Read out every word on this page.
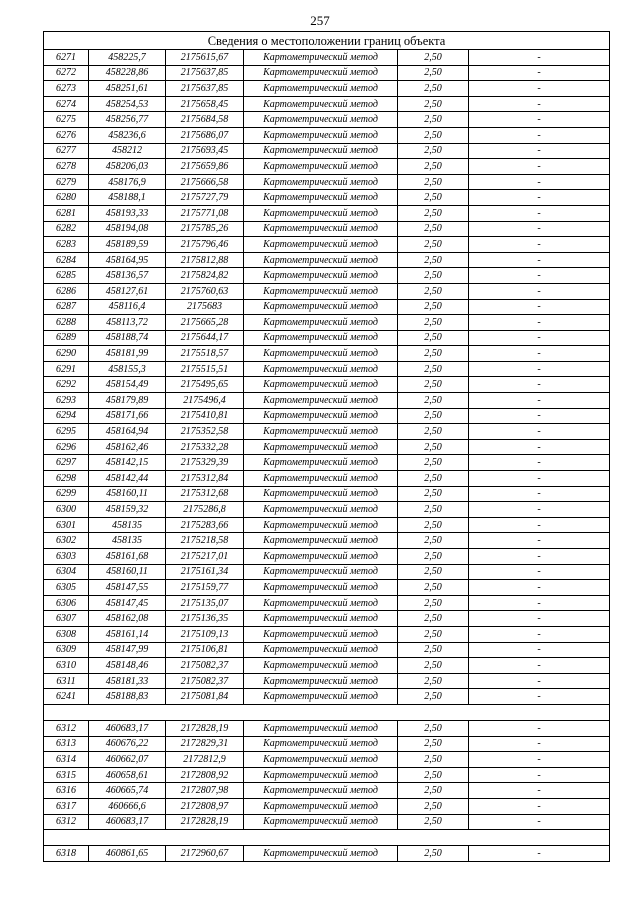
257
Сведения о местоположении границ объекта					
6271	458225,7	2175615,67	Картометрический метод	2,50	-
6272	458228,86	2175637,85	Картометрический метод	2,50	-
6273	458251,61	2175637,85	Картометрический метод	2,50	-
6274	458254,53	2175658,45	Картометрический метод	2,50	-
6275	458256,77	2175684,58	Картометрический метод	2,50	-
6276	458236,6	2175686,07	Картометрический метод	2,50	-
6277	458212	2175693,45	Картометрический метод	2,50	-
6278	458206,03	2175659,86	Картометрический метод	2,50	-
6279	458176,9	2175666,58	Картометрический метод	2,50	-
6280	458188,1	2175727,79	Картометрический метод	2,50	-
6281	458193,33	2175771,08	Картометрический метод	2,50	-
6282	458194,08	2175785,26	Картометрический метод	2,50	-
6283	458189,59	2175796,46	Картометрический метод	2,50	-
6284	458164,95	2175812,88	Картометрический метод	2,50	-
6285	458136,57	2175824,82	Картометрический метод	2,50	-
6286	458127,61	2175760,63	Картометрический метод	2,50	-
6287	458116,4	2175683	Картометрический метод	2,50	-
6288	458113,72	2175665,28	Картометрический метод	2,50	-
6289	458188,74	2175644,17	Картометрический метод	2,50	-
6290	458181,99	2175518,57	Картометрический метод	2,50	-
6291	458155,3	2175515,51	Картометрический метод	2,50	-
6292	458154,49	2175495,65	Картометрический метод	2,50	-
6293	458179,89	2175496,4	Картометрический метод	2,50	-
6294	458171,66	2175410,81	Картометрический метод	2,50	-
6295	458164,94	2175352,58	Картометрический метод	2,50	-
6296	458162,46	2175332,28	Картометрический метод	2,50	-
6297	458142,15	2175329,39	Картометрический метод	2,50	-
6298	458142,44	2175312,84	Картометрический метод	2,50	-
6299	458160,11	2175312,68	Картометрический метод	2,50	-
6300	458159,32	2175286,8	Картометрический метод	2,50	-
6301	458135	2175283,66	Картометрический метод	2,50	-
6302	458135	2175218,58	Картометрический метод	2,50	-
6303	458161,68	2175217,01	Картометрический метод	2,50	-
6304	458160,11	2175161,34	Картометрический метод	2,50	-
6305	458147,55	2175159,77	Картометрический метод	2,50	-
6306	458147,45	2175135,07	Картометрический метод	2,50	-
6307	458162,08	2175136,35	Картометрический метод	2,50	-
6308	458161,14	2175109,13	Картометрический метод	2,50	-
6309	458147,99	2175106,81	Картометрический метод	2,50	-
6310	458148,46	2175082,37	Картометрический метод	2,50	-
6311	458181,33	2175082,37	Картометрический метод	2,50	-
6241	458188,83	2175081,84	Картометрический метод	2,50	-

6312	460683,17	2172828,19	Картометрический метод	2,50	-
6313	460676,22	2172829,31	Картометрический метод	2,50	-
6314	460662,07	2172812,9	Картометрический метод	2,50	-
6315	460658,61	2172808,92	Картометрический метод	2,50	-
6316	460665,74	2172807,98	Картометрический метод	2,50	-
6317	460666,6	2172808,97	Картометрический метод	2,50	-
6312	460683,17	2172828,19	Картометрический метод	2,50	-

6318	460861,65	2172960,67	Картометрический метод	2,50	-
